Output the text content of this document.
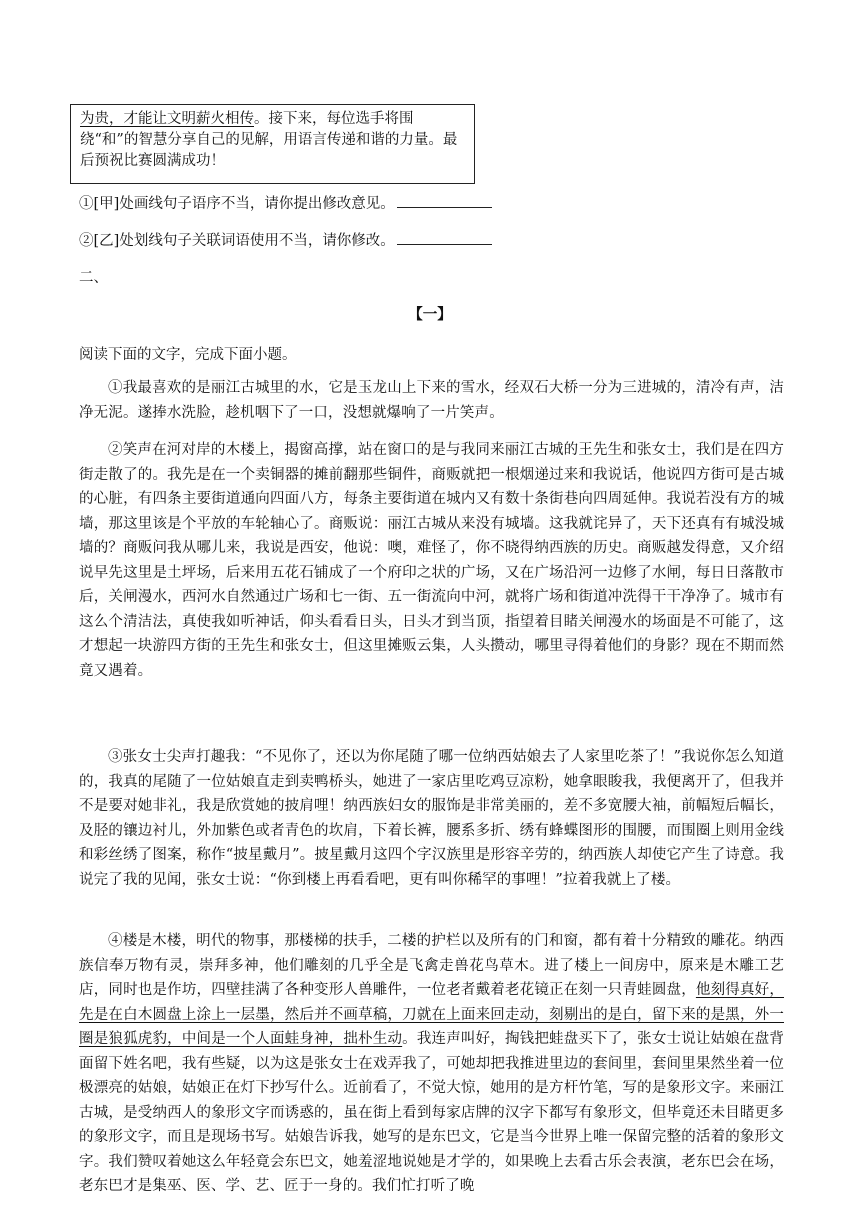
为贵，才能让文明薪火相传。接下来，每位选手将围绕“和”的智慧分享自己的见解，用语言传递和谐的力量。最后预祝比赛圆满成功！
①[甲]处画线句子语序不当，请你提出修改意见。
②[乙]处划线句子关联词语使用不当，请你修改。
二、
【一】
阅读下面的文字，完成下面小题。
①我最喜欢的是丽江古城里的水，它是玉龙山上下来的雪水，经双石大桥一分为三进城的，清冷有声，洁净无泥。遂捧水洗脸，趁机咽下了一口，没想就爆响了一片笑声。
②笑声在河对岸的木楼上，揭窗高撑，站在窗口的是与我同来丽江古城的王先生和张女士，我们是在四方街走散了的。我先是在一个卖铜器的摊前翻那些铜件，商贩就把一根烟递过来和我说话，他说四方街可是古城的心脏，有四条主要街道通向四面八方，每条主要街道在城内又有数十条街巷向四周延伸。我说若没有方的城墙，那这里该是个平放的车轮轴心了。商贩说：丽江古城从来没有城墙。这我就诧异了，天下还真有有城没城墙的？商贩问我从哪儿来，我说是西安，他说：噢，难怪了，你不晓得纳西族的历史。商贩越发得意，又介绍说早先这里是土坪场，后来用五花石铺成了一个府印之状的广场，又在广场沿河一边修了水闸，每日日落散市后，关闸漫水，西河水自然通过广场和七一街、五一街流向中河，就将广场和街道冲洗得干干净净了。城市有这么个清洁法，真使我如听神话，仰头看看日头，日头才到当顶，指望着目睹关闸漫水的场面是不可能了，这才想起一块游四方街的王先生和张女士，但这里摊贩云集，人头攒动，哪里寻得着他们的身影？现在不期而然竟又遇着。
③张女士尖声打趣我：“不见你了，还以为你尾随了哪一位纳西姑娘去了人家里吃茶了！”我说你怎么知道的，我真的尾随了一位姑娘直走到卖鸭桥头，她进了一家店里吃鸡豆凉粉，她拿眼睃我，我便离开了，但我并不是要对她非礼，我是欣赏她的披肩哩！纳西族妇女的服饰是非常美丽的，差不多宽腰大袖，前幅短后幅长，及胫的镶边衬儿，外加紫色或者青色的坎肩，下着长裤，腰系多折、绣有蜂蝶图形的围腰，而围圈上则用金线和彩丝绣了图案，称作“披星戴月”。披星戴月这四个字汉族里是形容辛劳的，纳西族人却使它产生了诗意。我说完了我的见闻，张女士说：“你到楼上再看看吧，更有叫你稀罕的事哩！”拉着我就上了楼。
④楼是木楼，明代的物事，那楼梯的扶手，二楼的护栏以及所有的门和窗，都有着十分精致的雕花。纳西族信奉万物有灵，崇拜多神，他们雕刻的几乎全是飞禽走兽花鸟草木。进了楼上一间房中，原来是木雕工艺店，同时也是作坊，四壁挂满了各种变形人兽雕件，一位老者戴着老花镜正在刻一只青蛙圆盘，他刻得真好，先是在白木圆盘上涂上一层墨，然后并不画草稿，刀就在上面来回走动，刻剔出的是白，留下来的是黑，外一圈是狼狐虎豹，中间是一个人面蛙身神，拙朴生动。我连声叫好，掏钱把蛙盘买下了，张女士说让姑娘在盘背面留下姓名吧，我有些疑，以为这是张女士在戏弄我了，可她却把我推进里边的套间里，套间里果然坐着一位极漂亮的姑娘，姑娘正在灯下抄写什么。近前看了，不觉大惊，她用的是方杆竹笔，写的是象形文字。来丽江古城，是受纳西人的象形文字而诱惑的，虽在街上看到每家店牌的汉字下都写有象形文，但毕竟还未目睹更多的象形文字，而且是现场书写。姑娘告诉我，她写的是东巴文，它是当今世界上唯一保留完整的活着的象形文字。我们赞叹着她这么年轻竟会东巴文，她羞涩地说她是才学的，如果晚上去看古乐会表演，老东巴会在场，老东巴才是集巫、医、学、艺、匠于一身的。我们忙打听了晚
